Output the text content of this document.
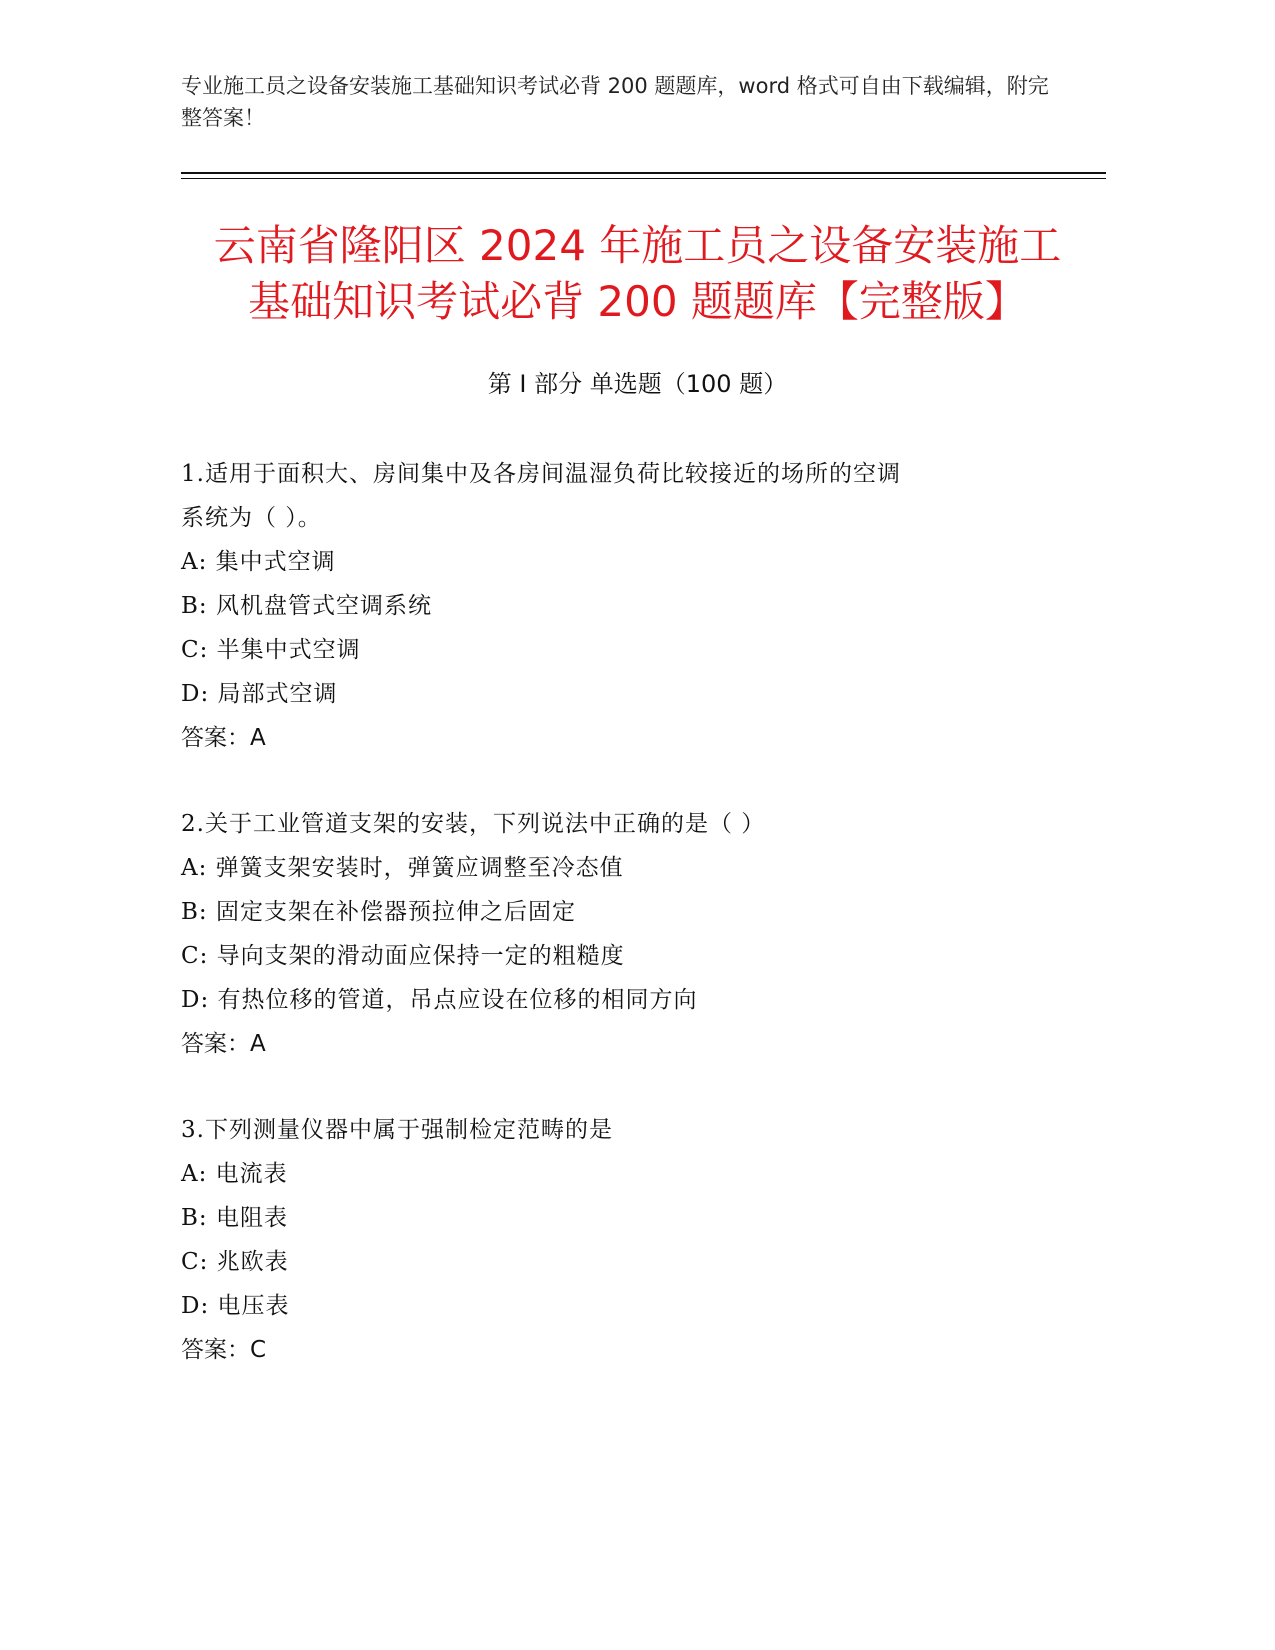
专业施工员之设备安装施工基础知识考试必背 200 题题库，word 格式可自由下载编辑，附完整答案！
云南省隆阳区 2024 年施工员之设备安装施工
基础知识考试必背 200 题题库【完整版】
第 I 部分 单选题（100 题）
1.适用于面积大、房间集中及各房间温湿负荷比较接近的场所的空调
系统为（ ）。
A: 集中式空调
B: 风机盘管式空调系统
C: 半集中式空调
D: 局部式空调
答案：A
2.关于工业管道支架的安装，下列说法中正确的是（ ）
A: 弹簧支架安装时，弹簧应调整至冷态值
B: 固定支架在补偿器预拉伸之后固定
C: 导向支架的滑动面应保持一定的粗糙度
D: 有热位移的管道，吊点应设在位移的相同方向
答案：A
3.下列测量仪器中属于强制检定范畴的是
A: 电流表
B: 电阻表
C: 兆欧表
D: 电压表
答案：C
